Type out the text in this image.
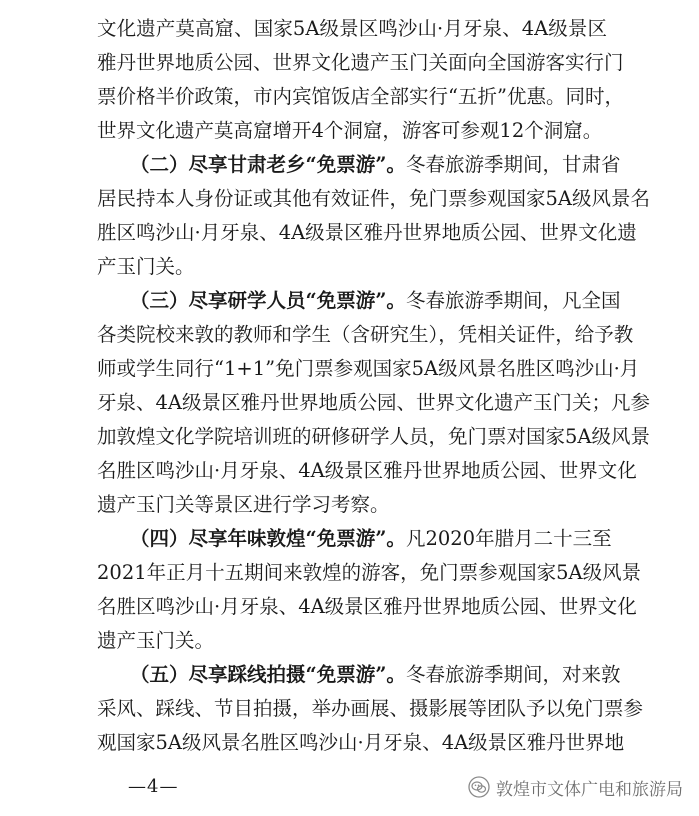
文化遗产莫高窟、国家5A级景区鸣沙山·月牙泉、4A级景区
雅丹世界地质公园、世界文化遗产玉门关面向全国游客实行门
票价格半价政策，市内宾馆饭店全部实行“五折”优惠。同时，
世界文化遗产莫高窟增开4个洞窟，游客可参观12个洞窟。
（二）尽享甘肃老乡“免票游”。冬春旅游季期间，甘肃省
居民持本人身份证或其他有效证件，免门票参观国家5A级风景名
胜区鸣沙山·月牙泉、4A级景区雅丹世界地质公园、世界文化遗
产玉门关。
（三）尽享研学人员“免票游”。冬春旅游季期间，凡全国
各类院校来敦的教师和学生（含研究生），凭相关证件，给予教
师或学生同行“1+1”免门票参观国家5A级风景名胜区鸣沙山·月
牙泉、4A级景区雅丹世界地质公园、世界文化遗产玉门关；凡参
加敦煌文化学院培训班的研修研学人员，免门票对国家5A级风景
名胜区鸣沙山·月牙泉、4A级景区雅丹世界地质公园、世界文化
遗产玉门关等景区进行学习考察。
（四）尽享年味敦煌“免票游”。凡2020年腊月二十三至
2021年正月十五期间来敦煌的游客，免门票参观国家5A级风景
名胜区鸣沙山·月牙泉、4A级景区雅丹世界地质公园、世界文化
遗产玉门关。
（五）尽享踩线拍摄“免票游”。冬春旅游季期间，对来敦
采风、踩线、节目拍摄，举办画展、摄影展等团队予以免门票参
观国家5A级风景名胜区鸣沙山·月牙泉、4A级景区雅丹世界地
—4—	敦煌市文体广电和旅游局
